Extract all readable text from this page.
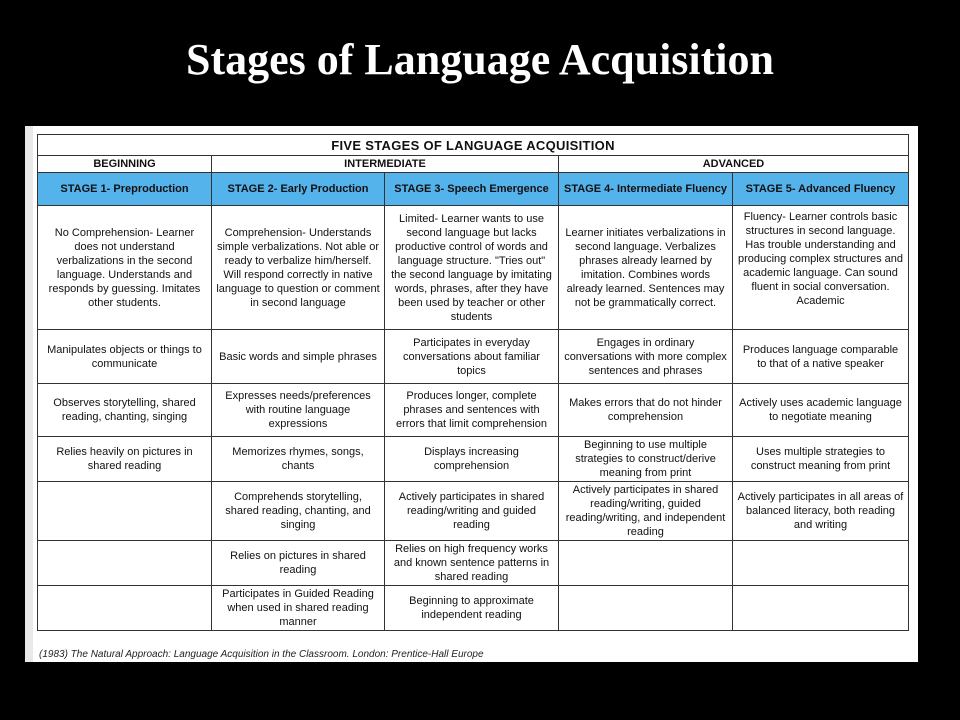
Stages of Language Acquisition
FIVE STAGES OF LANGUAGE ACQUISITION				
BEGINNING	INTERMEDIATE		ADVANCED	
STAGE 1- Preproduction	STAGE 2- Early Production	STAGE 3- Speech Emergence	STAGE 4- Intermediate Fluency	STAGE 5- Advanced Fluency
No Comprehension- Learner does not understand verbalizations in the second language. Understands and responds by guessing. Imitates other students.	Comprehension- Understands simple verbalizations. Not able or ready to verbalize him/herself. Will respond correctly in native language to question or comment in second language	Limited- Learner wants to use second language but lacks productive control of words and language structure. "Tries out" the second language by imitating words, phrases, after they have been used by teacher or other students	Learner initiates verbalizations in second language. Verbalizes phrases already learned by imitation. Combines words already learned. Sentences may not be grammatically correct.	Fluency- Learner controls basic structures in second language. Has trouble understanding and producing complex structures and academic language. Can sound fluent in social conversation. Academic
Manipulates objects or things to communicate	Basic words and simple phrases	Participates in everyday conversations about familiar topics	Engages in ordinary conversations with more complex sentences and phrases	Produces language comparable to that of a native speaker
Observes storytelling, shared reading, chanting, singing	Expresses needs/preferences with routine language expressions	Produces longer, complete phrases and sentences with errors that limit comprehension	Makes errors that do not hinder comprehension	Actively uses academic language to negotiate meaning
Relies heavily on pictures in shared reading	Memorizes rhymes, songs, chants	Displays increasing comprehension	Beginning to use multiple strategies to construct/derive meaning from print	Uses multiple strategies to construct meaning from print
	Comprehends storytelling, shared reading, chanting, and singing	Actively participates in shared reading/writing and guided reading	Actively participates in shared reading/writing, guided reading/writing, and independent reading	Actively participates in all areas of balanced literacy, both reading and writing
	Relies on pictures in shared reading	Relies on high frequency works and known sentence patterns in shared reading		
	Participates in Guided Reading when used in shared reading manner	Beginning to approximate independent reading		
(1983) The Natural Approach: Language Acquisition in the Classroom. London: Prentice-Hall Europe
